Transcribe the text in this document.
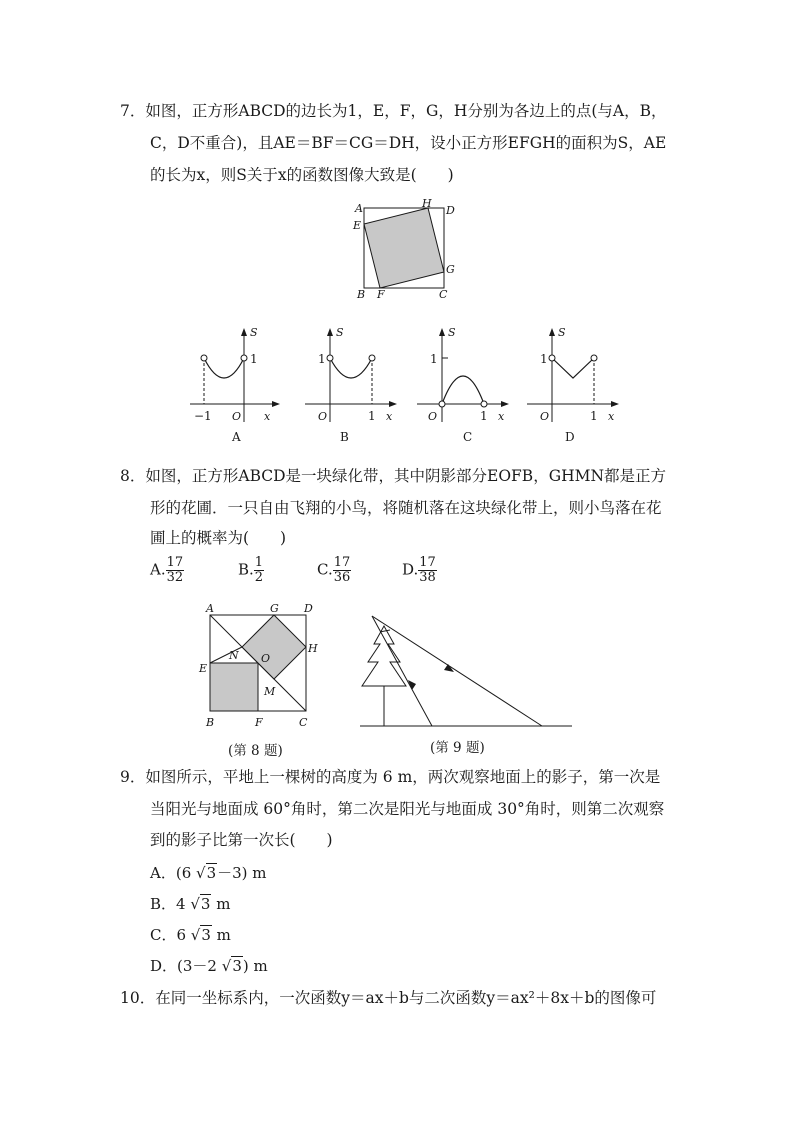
7．如图，正方形ABCD的边长为1，E，F，G，H分别为各边上的点(与A，B，
C，D不重合)，且AE＝BF＝CG＝DH，设小正方形EFGH的面积为S，AE
的长为x，则S关于x的函数图像大致是(　　)
A
E
H
D
G
B F	C
S
1
−1 O x
A
S
1
O	1 x
B
S
1
O	1 x
C
S
1
O	1 x
D
8．如图，正方形ABCD是一块绿化带，其中阴影部分EOFB，GHMN都是正方
形的花圃．一只自由飞翔的小鸟，将随机落在这块绿化带上，则小鸟落在花
圃上的概率为(　　)
A. $\frac{17}{32}$	B. $\frac{1}{2}$	C. $\frac{17}{36}$	D. $\frac{17}{38}$
A	G D
N O
H
E
M
B	F	C
(第 8 题)	(第 9 题)
9．如图所示，平地上一棵树的高度为 6 m，两次观察地面上的影子，第一次是
当阳光与地面成 60°角时，第二次是阳光与地面成 30°角时，则第二次观察
到的影子比第一次长(　　)
A．(6 √3－3) m
B．4 √3 m
C．6 √3 m
D．(3－2 √3) m
10．在同一坐标系内，一次函数y＝ax＋b与二次函数y＝ax²＋8x＋b的图像可
